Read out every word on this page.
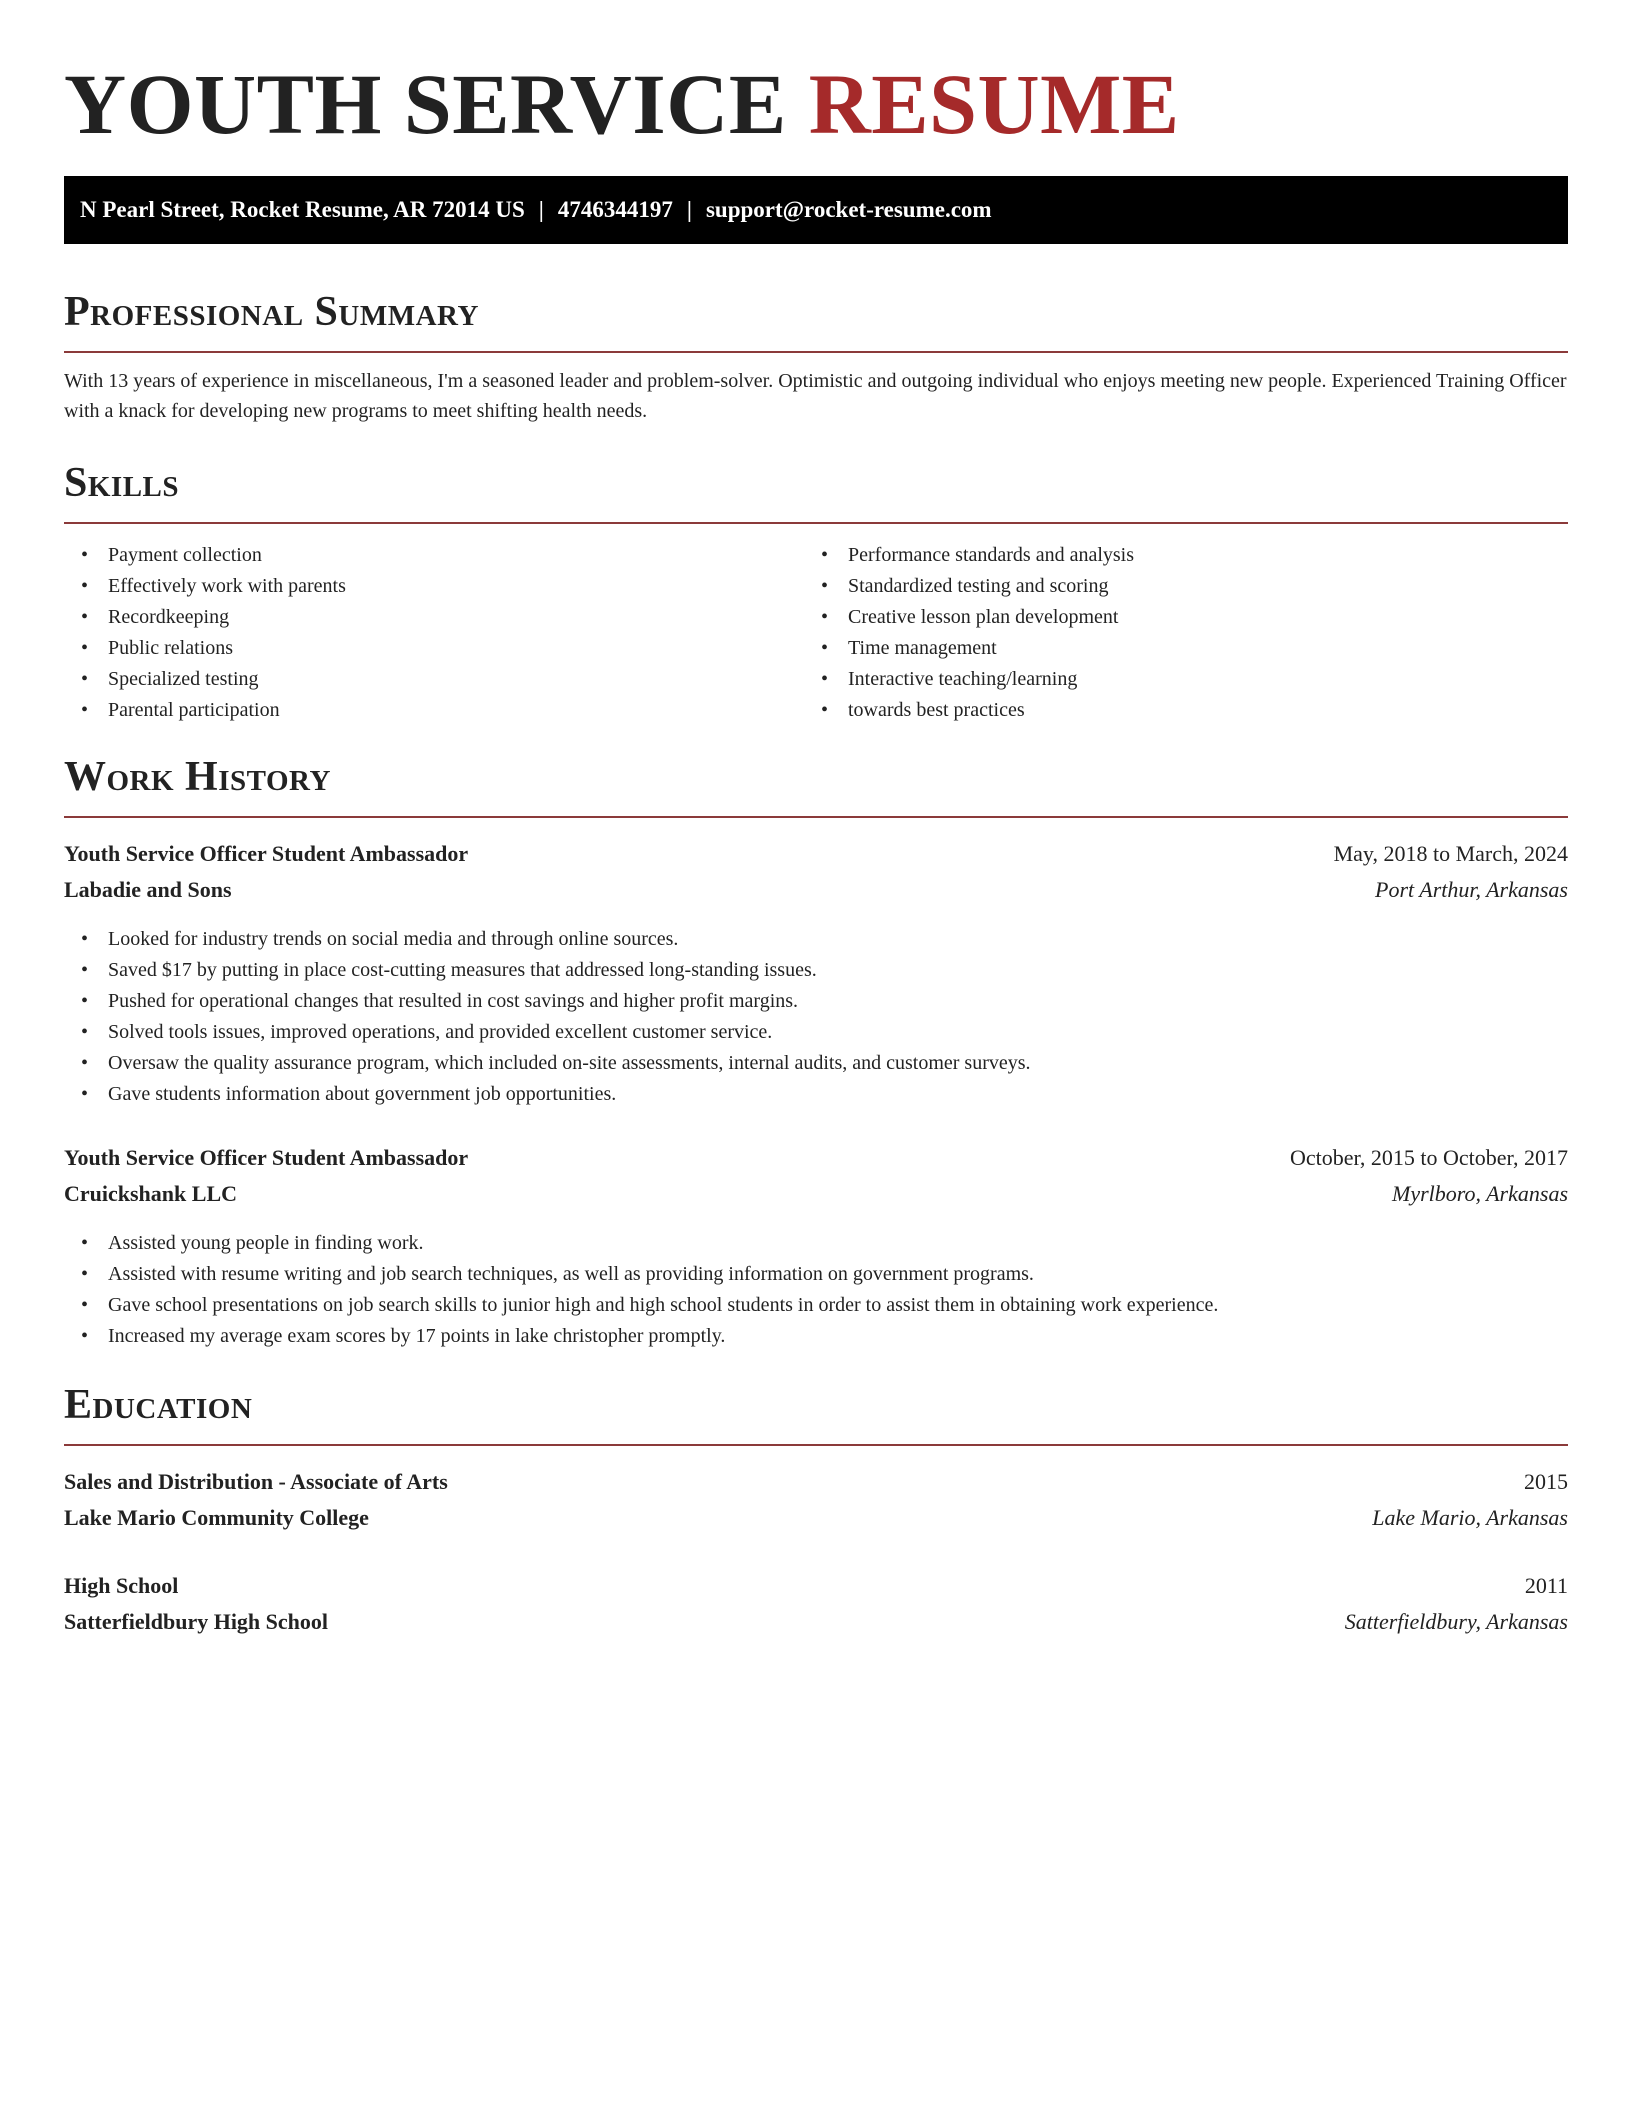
YOUTH SERVICE RESUME
N Pearl Street, Rocket Resume, AR 72014 US | 4746344197 | support@rocket-resume.com
Professional Summary
With 13 years of experience in miscellaneous, I'm a seasoned leader and problem-solver. Optimistic and outgoing individual who enjoys meeting new people. Experienced Training Officer with a knack for developing new programs to meet shifting health needs.
Skills
• Payment collection
• Effectively work with parents
• Recordkeeping
• Public relations
• Specialized testing
• Parental participation
• Performance standards and analysis
• Standardized testing and scoring
• Creative lesson plan development
• Time management
• Interactive teaching/learning
• towards best practices
Work History
Youth Service Officer Student Ambassador	May, 2018 to March, 2024
Labadie and Sons	Port Arthur, Arkansas
• Looked for industry trends on social media and through online sources.
• Saved $17 by putting in place cost-cutting measures that addressed long-standing issues.
• Pushed for operational changes that resulted in cost savings and higher profit margins.
• Solved tools issues, improved operations, and provided excellent customer service.
• Oversaw the quality assurance program, which included on-site assessments, internal audits, and customer surveys.
• Gave students information about government job opportunities.
Youth Service Officer Student Ambassador	October, 2015 to October, 2017
Cruickshank LLC	Myrlboro, Arkansas
• Assisted young people in finding work.
• Assisted with resume writing and job search techniques, as well as providing information on government programs.
• Gave school presentations on job search skills to junior high and high school students in order to assist them in obtaining work experience.
• Increased my average exam scores by 17 points in lake christopher promptly.
Education
Sales and Distribution - Associate of Arts	2015
Lake Mario Community College	Lake Mario, Arkansas
High School	2011
Satterfieldbury High School	Satterfieldbury, Arkansas
